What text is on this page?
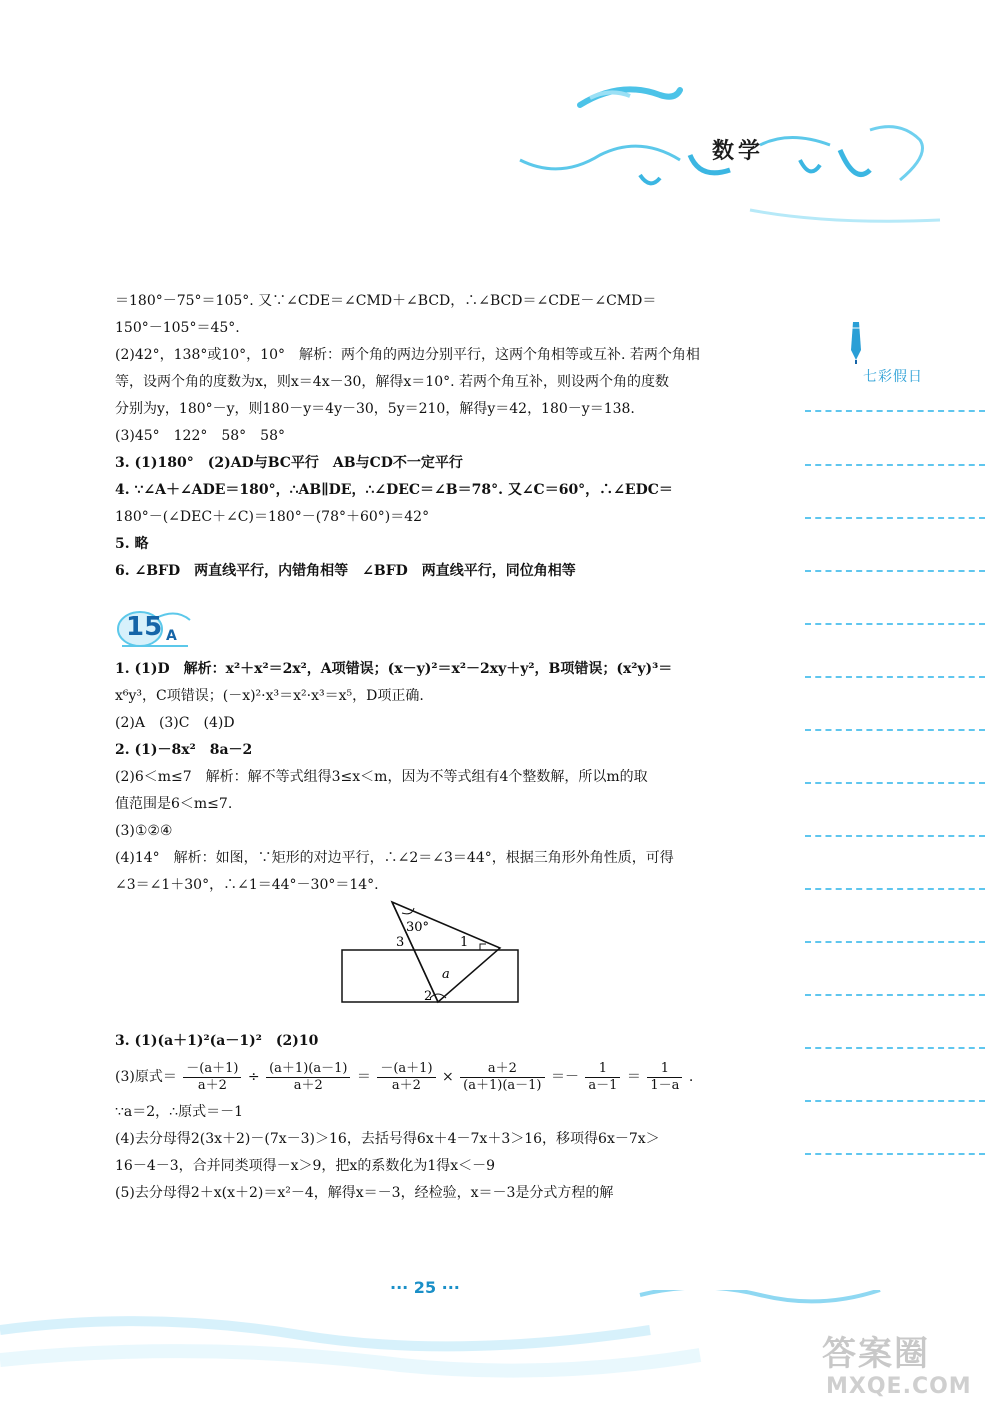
数学
七彩假日
＝180°－75°＝105°. 又∵∠CDE＝∠CMD＋∠BCD，∴∠BCD＝∠CDE－∠CMD＝
150°－105°＝45°.
(2)42°，138°或10°，10°　解析：两个角的两边分别平行，这两个角相等或互补. 若两个角相
等，设两个角的度数为x，则x＝4x－30，解得x＝10°. 若两个角互补，则设两个角的度数
分别为y，180°－y，则180－y＝4y－30，5y＝210，解得y＝42，180－y＝138.
(3)45°　122°　58°　58°
3. (1)180°　(2)AD与BC平行　AB与CD不一定平行
4. ∵∠A＋∠ADE＝180°，∴AB∥DE，∴∠DEC＝∠B＝78°. 又∠C＝60°，∴∠EDC＝
180°－(∠DEC＋∠C)＝180°－(78°＋60°)＝42°
5. 略
6. ∠BFD　两直线平行，内错角相等　∠BFD　两直线平行，同位角相等
15 A
1. (1)D　解析：x²＋x²＝2x²，A项错误；(x－y)²＝x²－2xy＋y²，B项错误；(x²y)³＝
x⁶y³，C项错误；(－x)²·x³＝x²·x³＝x⁵，D项正确.
(2)A　(3)C　(4)D
2. (1)－8x²　8a－2
(2)6＜m≤7　解析：解不等式组得3≤x＜m，因为不等式组有4个整数解，所以m的取
值范围是6＜m≤7.
(3)①②④
(4)14°　解析：如图，∵矩形的对边平行，∴∠2＝∠3＝44°，根据三角形外角性质，可得
∠3＝∠1＋30°，∴∠1＝44°－30°＝14°.
30°
3	1
2
a
3. (1)(a＋1)²(a－1)²　(2)10
(3)原式＝ $\frac{-(a+1)}{a+2} \div \frac{(a+1)(a-1)}{a+2} = \frac{-(a+1)}{a+2} \times \frac{a+2}{(a+1)(a-1)} =- \frac{1}{a-1} = \frac{1}{1-a}$ .
∵a＝2，∴原式＝－1
(4)去分母得2(3x＋2)－(7x－3)＞16，去括号得6x＋4－7x＋3＞16，移项得6x－7x＞
16－4－3，合并同类项得－x＞9，把x的系数化为1得x＜－9
(5)去分母得2＋x(x＋2)＝x²－4，解得x＝－3，经检验，x＝－3是分式方程的解
··· 25 ···
答案圈
MXQE.COM
